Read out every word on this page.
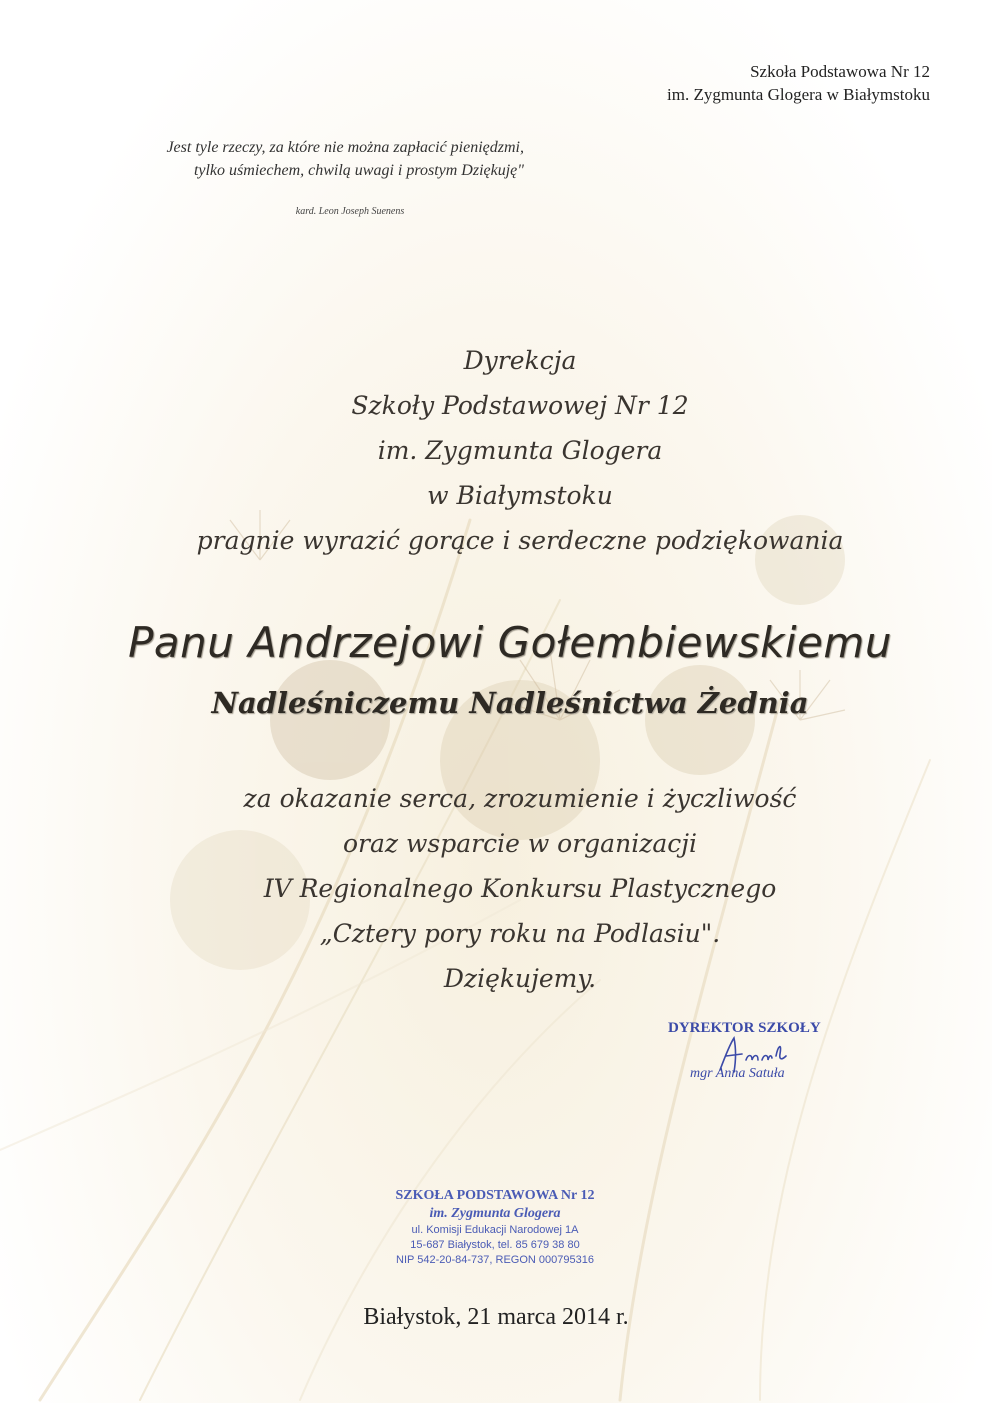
Szkoła Podstawowa Nr 12
im. Zygmunta Glogera w Białymstoku
Jest tyle rzeczy, za które nie można zapłacić pieniędzmi,
tylko uśmiechem, chwilą uwagi i prostym Dziękuję"
kard. Leon Joseph Suenens
Dyrekcja
Szkoły Podstawowej Nr 12
im. Zygmunta Glogera
w Białymstoku
pragnie wyrazić gorące i serdeczne podziękowania
Panu Andrzejowi Gołembiewskiemu
Nadleśniczemu Nadleśnictwa Żednia
za okazanie serca, zrozumienie i życzliwość
oraz wsparcie w organizacji
IV Regionalnego Konkursu Plastycznego
„Cztery pory roku na Podlasiu".
Dziękujemy.
DYREKTOR SZKOŁY
mgr Anna Satuła
SZKOŁA PODSTAWOWA Nr 12
im. Zygmunta Glogera
ul. Komisji Edukacji Narodowej 1A
15-687 Białystok, tel. 85 679 38 80
NIP 542-20-84-737, REGON 000795316
Białystok, 21 marca 2014 r.
